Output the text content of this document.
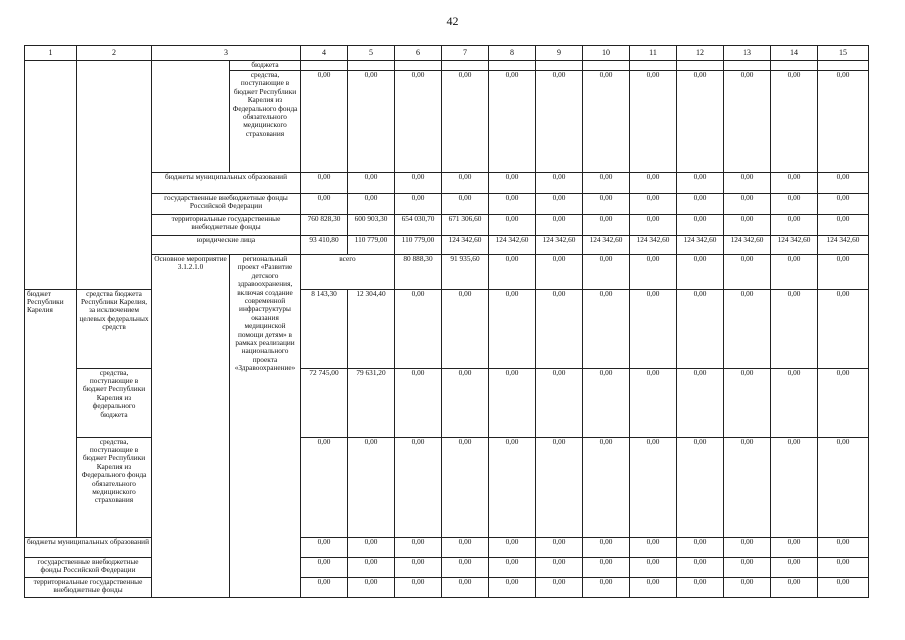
42
1	2	3		4	5	6	7	8	9	10	11	12	13	14	15	
			бюджета													
			средства, поступающие в бюджет Республики Карелия из Федерального фонда обязательного медицинского страхования	0,00	0,00	0,00	0,00	0,00	0,00	0,00	0,00	0,00	0,00	0,00	0,00	
		бюджеты муниципальных образований		0,00	0,00	0,00	0,00	0,00	0,00	0,00	0,00	0,00	0,00	0,00	0,00	
		государственные внебюджетные фонды Российской Федерации		0,00	0,00	0,00	0,00	0,00	0,00	0,00	0,00	0,00	0,00	0,00	0,00	
		территориальные государственные внебюджетные фонды		760 828,30	600 903,30	654 030,70	671 306,60	0,00	0,00	0,00	0,00	0,00	0,00	0,00	0,00	
		юридические лица		93 410,80	110 779,00	110 779,00	124 342,60	124 342,60	124 342,60	124 342,60	124 342,60	124 342,60	124 342,60	124 342,60	124 342,60	
		Основное мероприятие 3.1.2.1.0	региональный проект «Развитие детского здравоохранения, включая создание современной инфраструктуры оказания медицинской помощи детям» в рамках реализации национального проекта «Здравоохранение»	всего		80 888,30	91 935,60	0,00	0,00	0,00	0,00	0,00	0,00	0,00	0,00		
бюджет Республики Карелия	средства бюджета Республики Карелия, за исключением целевых федеральных средств			8 143,30	12 304,40	0,00	0,00	0,00	0,00	0,00	0,00	0,00	0,00	0,00	0,00	
	средства, поступающие в бюджет Республики Карелия из федерального бюджета			72 745,00	79 631,20	0,00	0,00	0,00	0,00	0,00	0,00	0,00	0,00	0,00	0,00	
	средства, поступающие в бюджет Республики Карелия из Федерального фонда обязательного медицинского страхования			0,00	0,00	0,00	0,00	0,00	0,00	0,00	0,00	0,00	0,00	0,00	0,00	
бюджеты муниципальных образований				0,00	0,00	0,00	0,00	0,00	0,00	0,00	0,00	0,00	0,00	0,00	0,00	
государственные внебюджетные фонды Российской Федерации				0,00	0,00	0,00	0,00	0,00	0,00	0,00	0,00	0,00	0,00	0,00	0,00	
территориальные государственные внебюджетные фонды				0,00	0,00	0,00	0,00	0,00	0,00	0,00	0,00	0,00	0,00	0,00	0,00	
